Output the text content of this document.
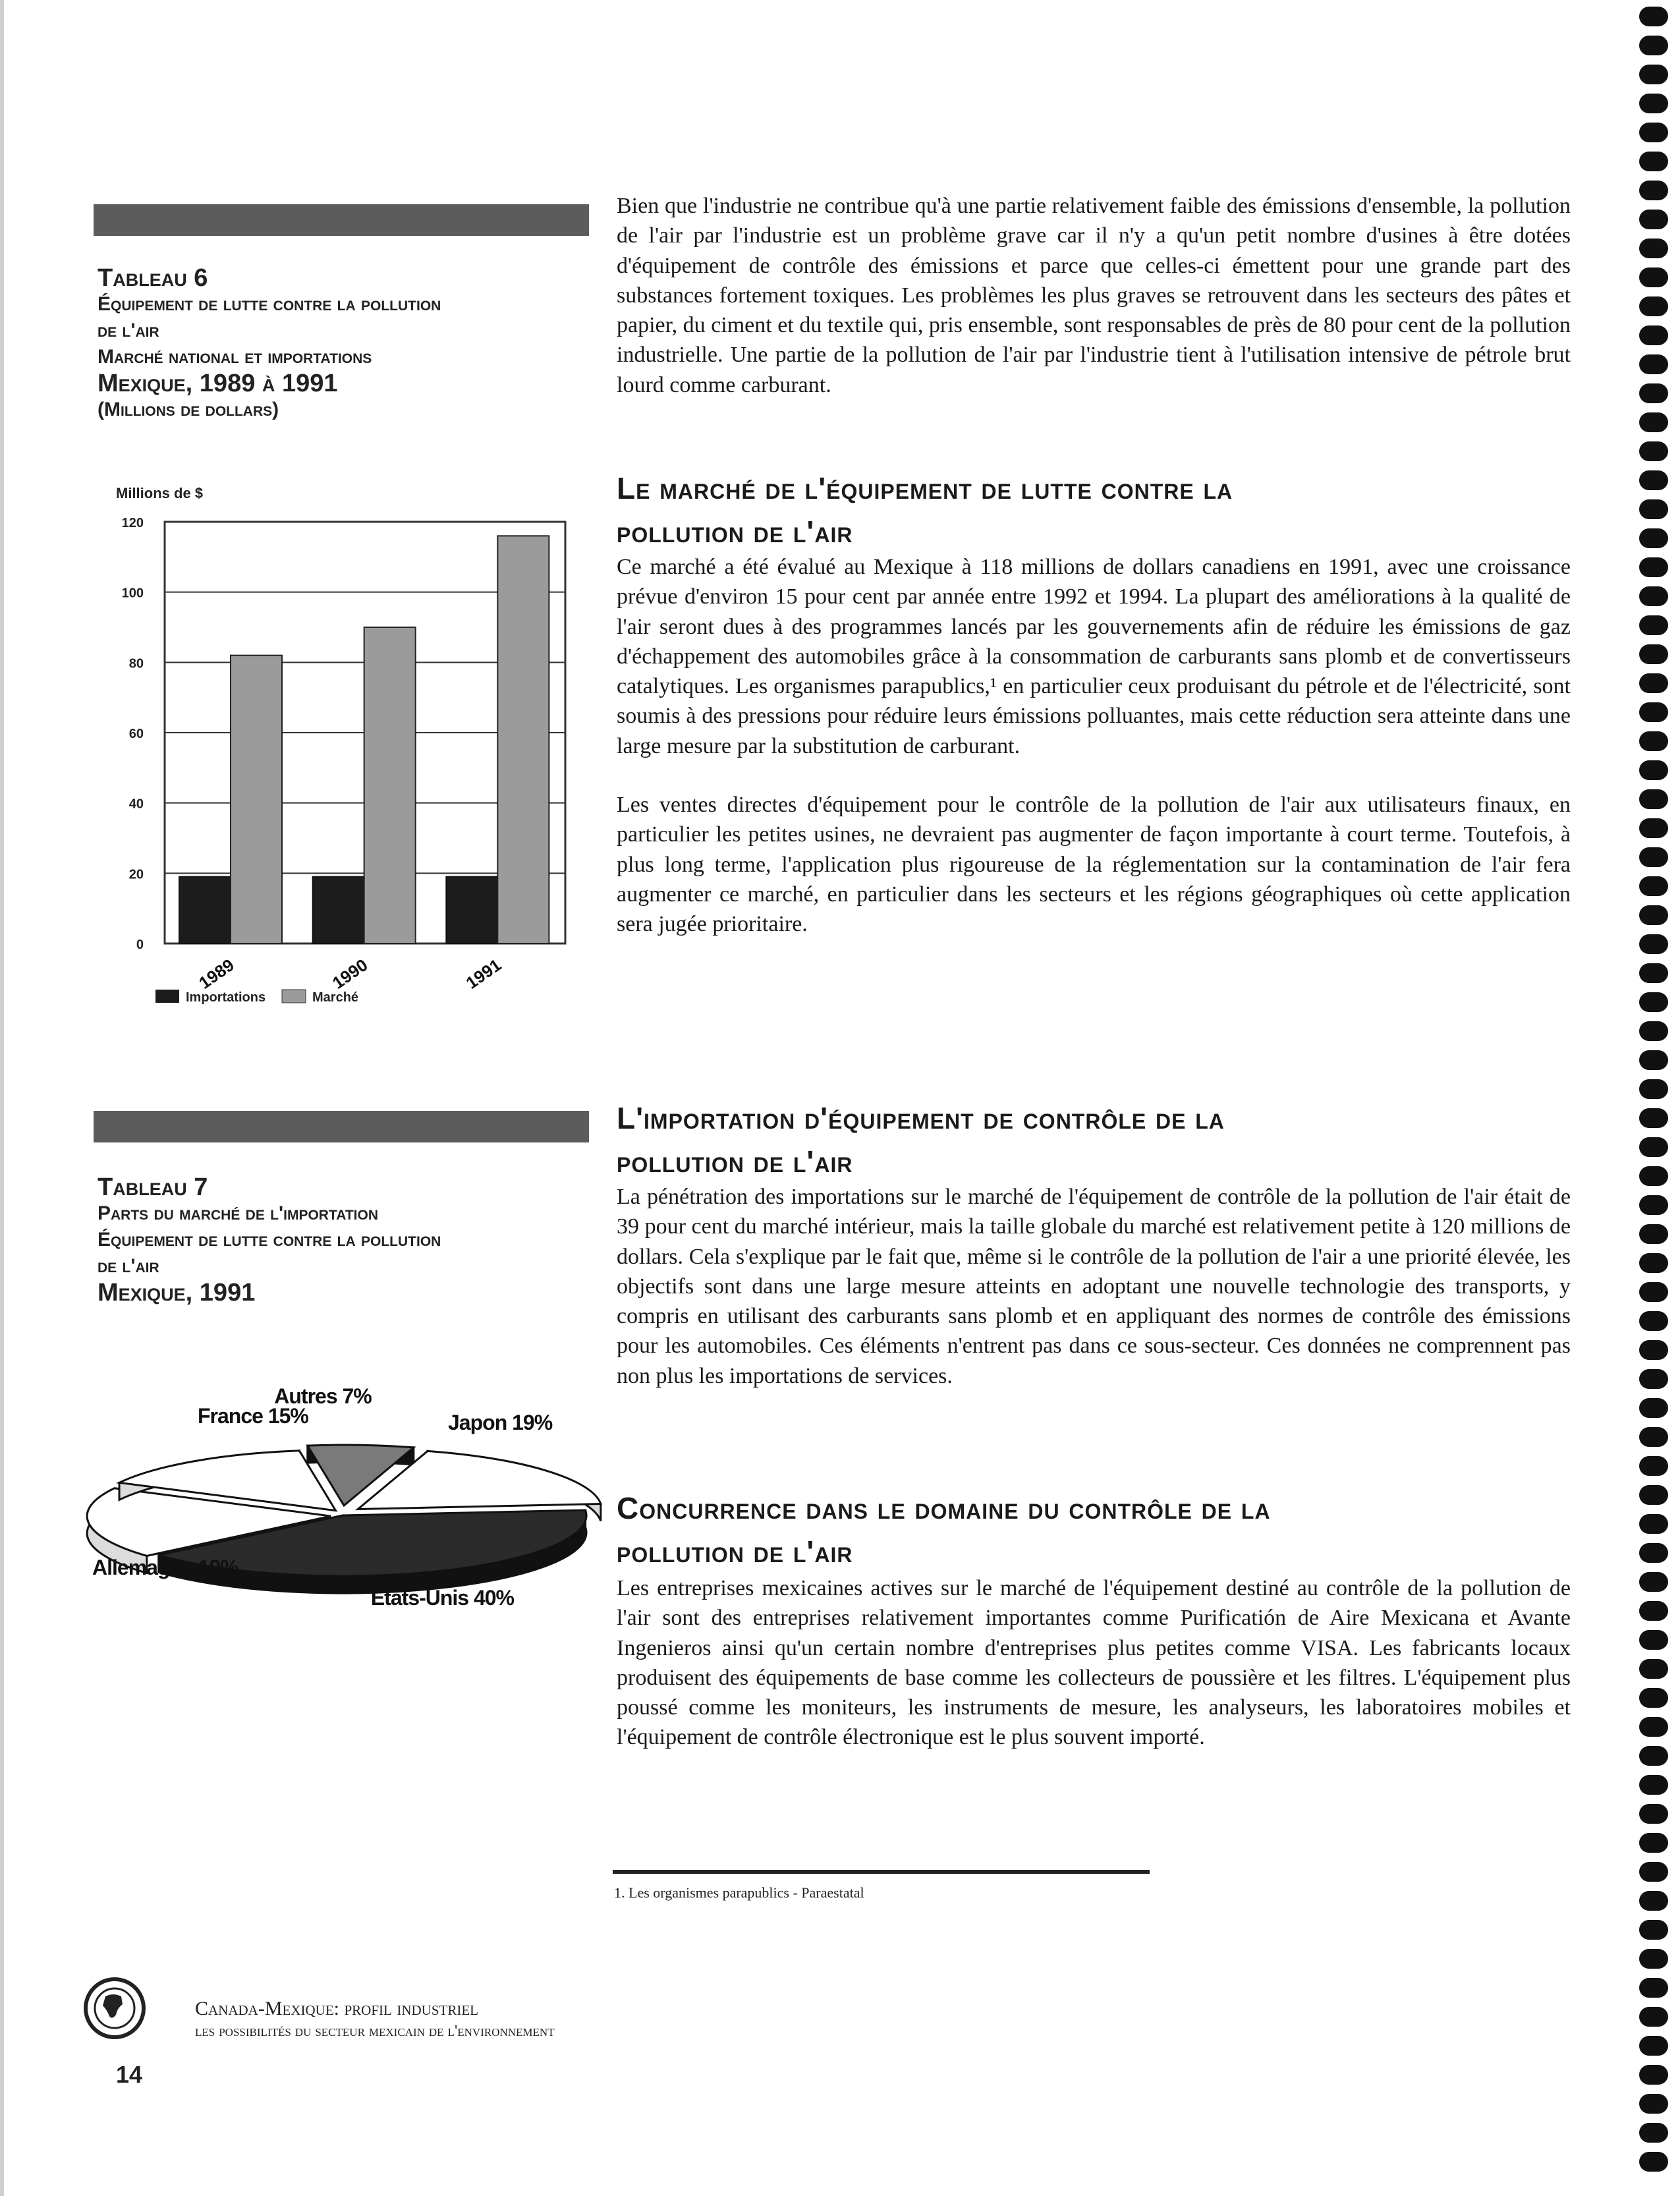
Tableau 6
Équipement de lutte contre la pollution
de l'air
Marché national et importations
Mexique, 1989 à 1991
(Millions de dollars)
Millions de $
120
100
80
60
40
20
0
1989	1990	1991
Importations	Marché
Tableau 7
Parts du marché de l'importation
Équipement de lutte contre la pollution
de l'air
Mexique, 1991
Autres 7%
Japon 19%
États-Unis 40%
Allemagne 19%
France 15%

Bien que l'industrie ne contribue qu'à une partie relativement faible des émissions d'ensemble, la pollution de l'air par l'industrie est un problème grave car il n'y a qu'un petit nombre d'usines à être dotées d'équipement de contrôle des émissions et parce que celles-ci émettent pour une grande part des substances fortement toxiques. Les problèmes les plus graves se retrouvent dans les secteurs des pâtes et papier, du ciment et du textile qui, pris ensemble, sont responsables de près de 80 pour cent de la pollution industrielle. Une partie de la pollution de l'air par l'industrie tient à l'utilisation intensive de pétrole brut lourd comme carburant.

Le marché de l'équipement de lutte contre la
pollution de l'air

Ce marché a été évalué au Mexique à 118 millions de dollars canadiens en 1991, avec une croissance prévue d'environ 15 pour cent par année entre 1992 et 1994. La plupart des améliorations à la qualité de l'air seront dues à des programmes lancés par les gouvernements afin de réduire les émissions de gaz d'échappement des automobiles grâce à la consommation de carburants sans plomb et de convertisseurs catalytiques. Les organismes parapublics,¹ en particulier ceux produisant du pétrole et de l'électricité, sont soumis à des pressions pour réduire leurs émissions polluantes, mais cette réduction sera atteinte dans une large mesure par la substitution de carburant.

Les ventes directes d'équipement pour le contrôle de la pollution de l'air aux utilisateurs finaux, en particulier les petites usines, ne devraient pas augmenter de façon importante à court terme. Toutefois, à plus long terme, l'application plus rigoureuse de la réglementation sur la contamination de l'air fera augmenter ce marché, en particulier dans les secteurs et les régions géographiques où cette application sera jugée prioritaire.

L'importation d'équipement de contrôle de la
pollution de l'air

La pénétration des importations sur le marché de l'équipement de contrôle de la pollution de l'air était de 39 pour cent du marché intérieur, mais la taille globale du marché est relativement petite à 120 millions de dollars. Cela s'explique par le fait que, même si le contrôle de la pollution de l'air a une priorité élevée, les objectifs sont dans une large mesure atteints en adoptant une nouvelle technologie des transports, y compris en utilisant des carburants sans plomb et en appliquant des normes de contrôle des émissions pour les automobiles. Ces éléments n'entrent pas dans ce sous-secteur. Ces données ne comprennent pas non plus les importations de services.

Concurrence dans le domaine du contrôle de la
pollution de l'air

Les entreprises mexicaines actives sur le marché de l'équipement destiné au contrôle de la pollution de l'air sont des entreprises relativement importantes comme Purificatión de Aire Mexicana et Avante Ingenieros ainsi qu'un certain nombre d'entreprises plus petites comme VISA. Les fabricants locaux produisent des équipements de base comme les collecteurs de poussière et les filtres. L'équipement plus poussé comme les moniteurs, les instruments de mesure, les analyseurs, les laboratoires mobiles et l'équipement de contrôle électronique est le plus souvent importé.

1. Les organismes parapublics - Paraestatal
Canada-Mexique: profil industriel
les possibilités du secteur mexicain de l'environnement
14
